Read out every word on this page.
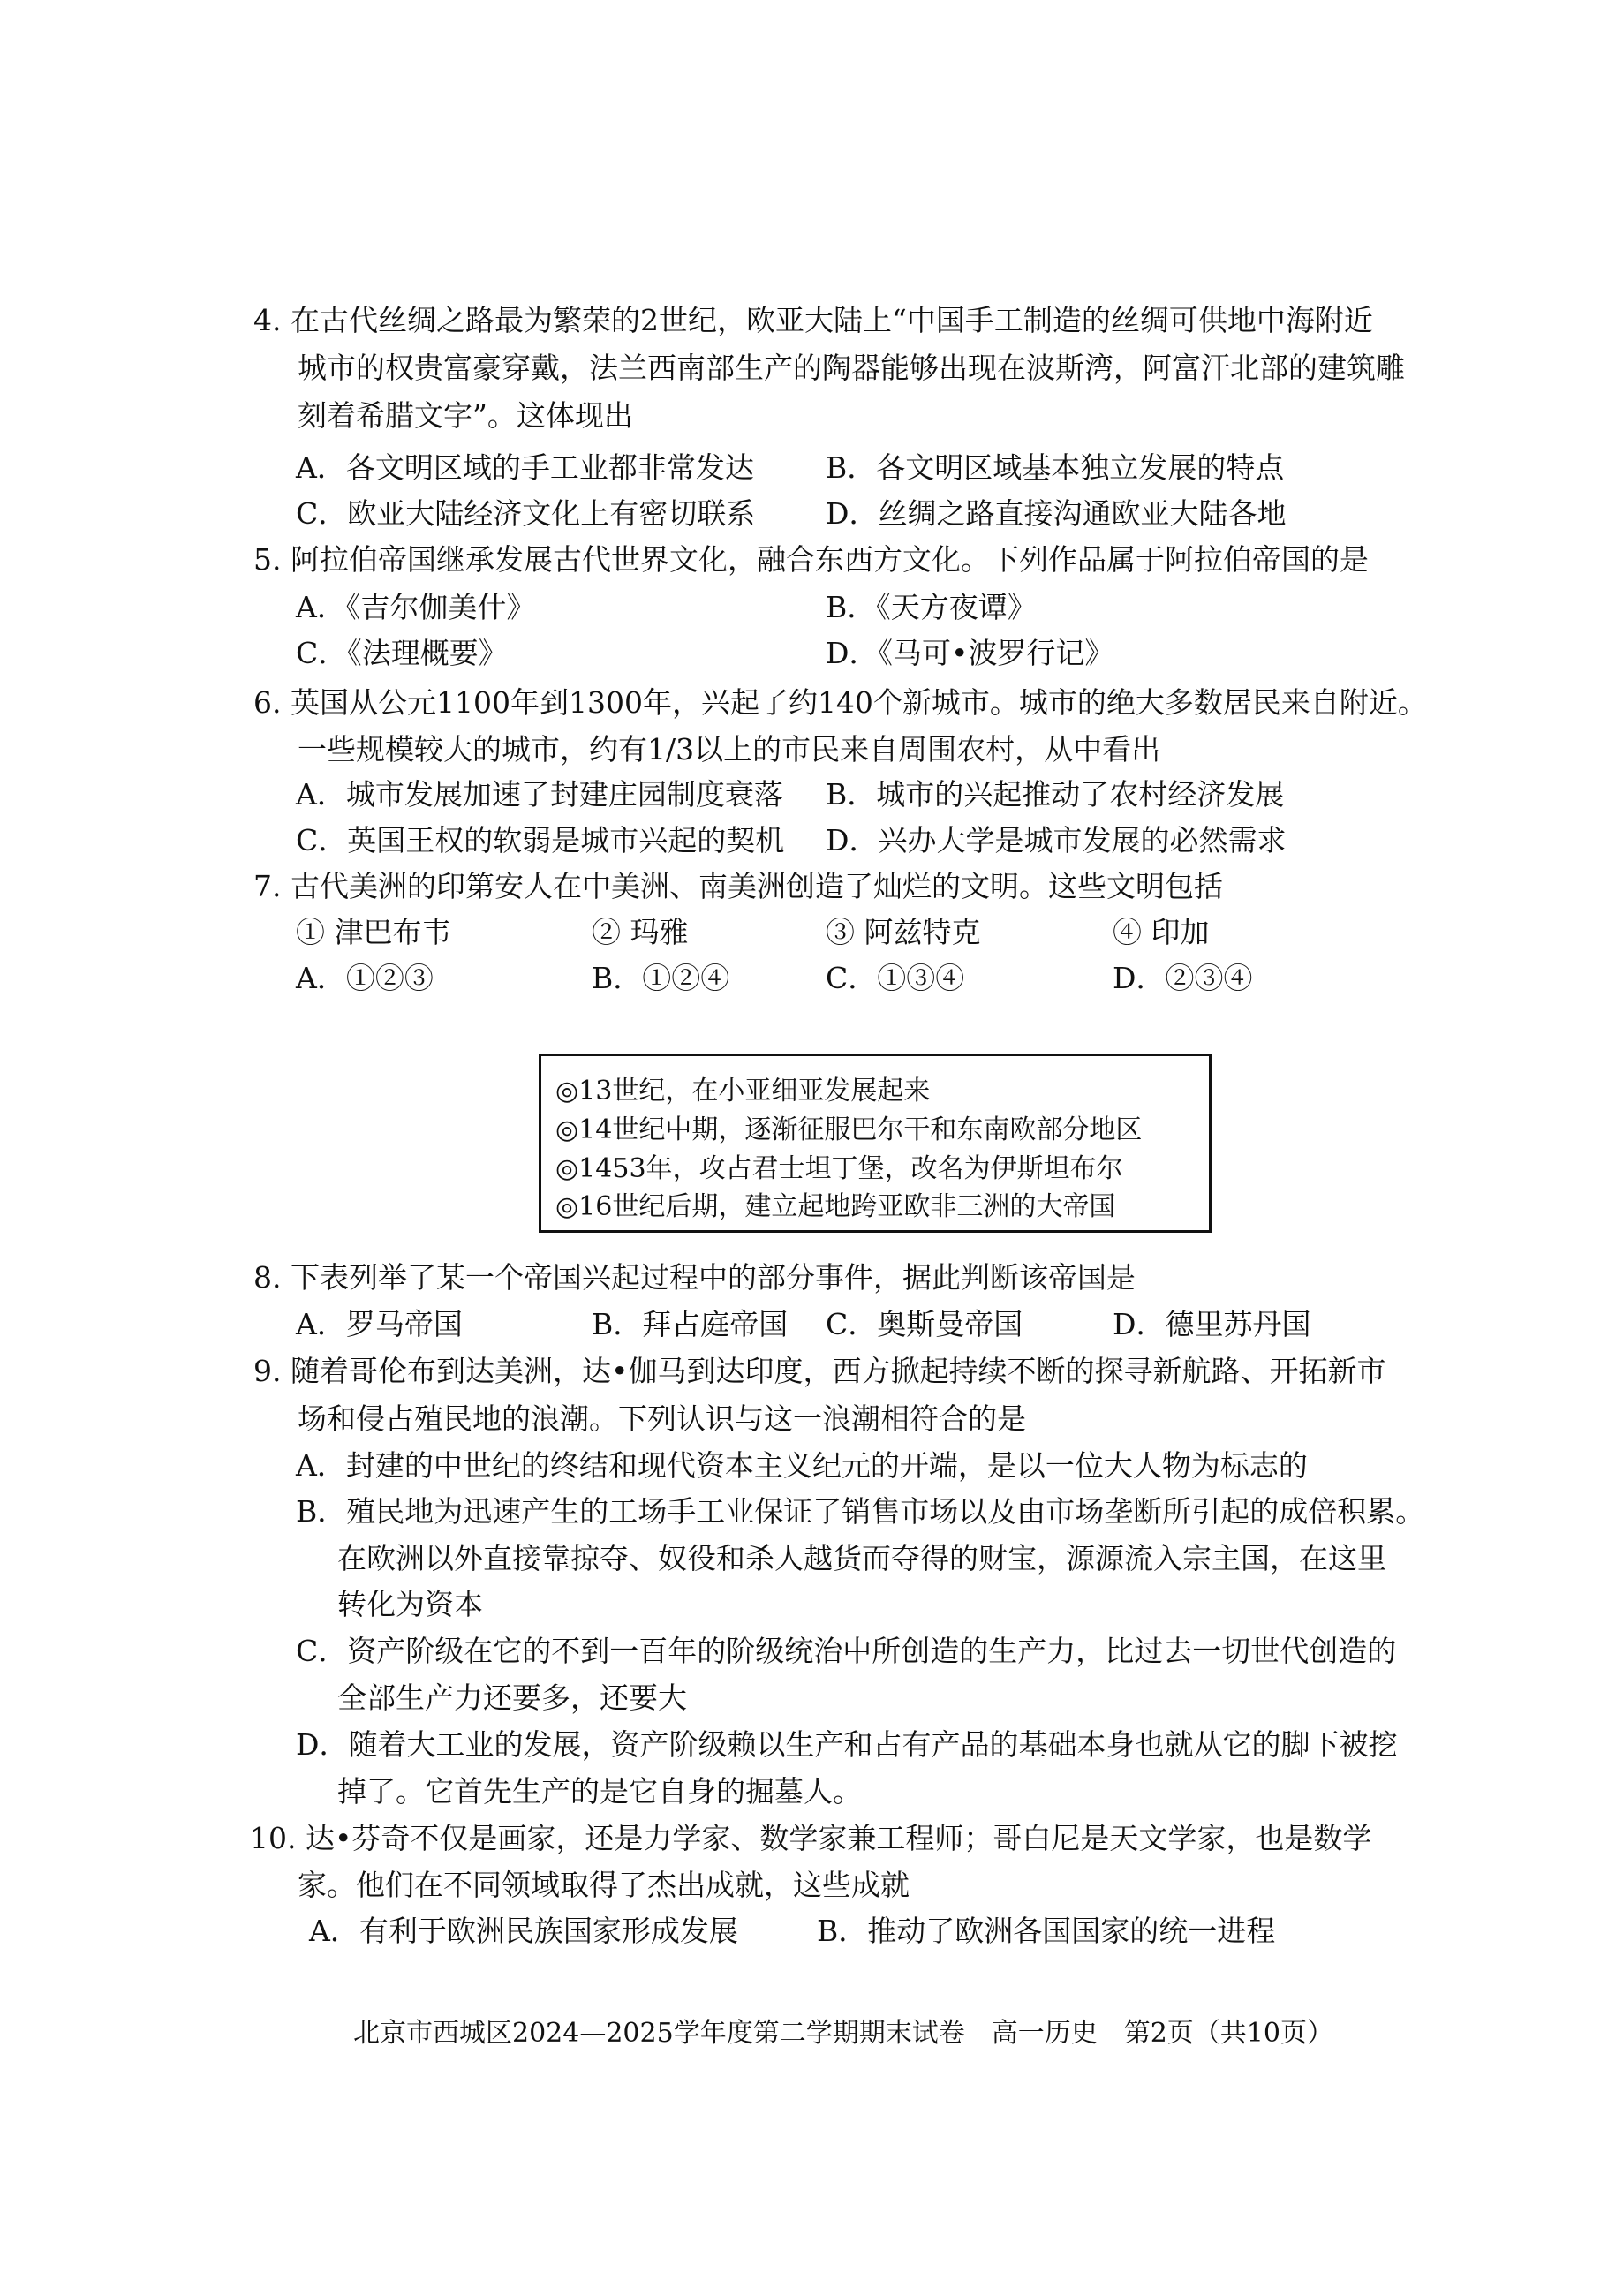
4. 在古代丝绸之路最为繁荣的2世纪，欧亚大陆上“中国手工制造的丝绸可供地中海附近
城市的权贵富豪穿戴，法兰西南部生产的陶器能够出现在波斯湾，阿富汗北部的建筑雕
刻着希腊文字”。这体现出
A．各文明区域的手工业都非常发达 B．各文明区域基本独立发展的特点
C．欧亚大陆经济文化上有密切联系 D．丝绸之路直接沟通欧亚大陆各地
5. 阿拉伯帝国继承发展古代世界文化，融合东西方文化。下列作品属于阿拉伯帝国的是
A．《吉尔伽美什》	B．《天方夜谭》
C．《法理概要》	D．《马可•波罗行记》
6. 英国从公元1100年到1300年，兴起了约140个新城市。城市的绝大多数居民来自附近。
一些规模较大的城市，约有1/3以上的市民来自周围农村，从中看出
A．城市发展加速了封建庄园制度衰落 B．城市的兴起推动了农村经济发展
C．英国王权的软弱是城市兴起的契机 D．兴办大学是城市发展的必然需求
7. 古代美洲的印第安人在中美洲、南美洲创造了灿烂的文明。这些文明包括
① 津巴布韦	② 玛雅	③ 阿兹特克	④ 印加
A．①②③	B．①②④	C．①③④	D．②③④
◎13世纪，在小亚细亚发展起来
◎14世纪中期，逐渐征服巴尔干和东南欧部分地区
◎1453年，攻占君士坦丁堡，改名为伊斯坦布尔
◎16世纪后期，建立起地跨亚欧非三洲的大帝国
8. 下表列举了某一个帝国兴起过程中的部分事件，据此判断该帝国是
A．罗马帝国	B．拜占庭帝国 C．奥斯曼帝国	D．德里苏丹国
9. 随着哥伦布到达美洲，达•伽马到达印度，西方掀起持续不断的探寻新航路、开拓新市
场和侵占殖民地的浪潮。下列认识与这一浪潮相符合的是
A．封建的中世纪的终结和现代资本主义纪元的开端，是以一位大人物为标志的
B．殖民地为迅速产生的工场手工业保证了销售市场以及由市场垄断所引起的成倍积累。
在欧洲以外直接靠掠夺、奴役和杀人越货而夺得的财宝，源源流入宗主国，在这里
转化为资本
C．资产阶级在它的不到一百年的阶级统治中所创造的生产力，比过去一切世代创造的
全部生产力还要多，还要大
D．随着大工业的发展，资产阶级赖以生产和占有产品的基础本身也就从它的脚下被挖
掉了。它首先生产的是它自身的掘墓人。
10. 达•芬奇不仅是画家，还是力学家、数学家兼工程师；哥白尼是天文学家，也是数学
家。他们在不同领域取得了杰出成就，这些成就
A．有利于欧洲民族国家形成发展	B．推动了欧洲各国国家的统一进程
北京市西城区2024—2025学年度第二学期期末试卷　高一历史　第2页（共10页）
